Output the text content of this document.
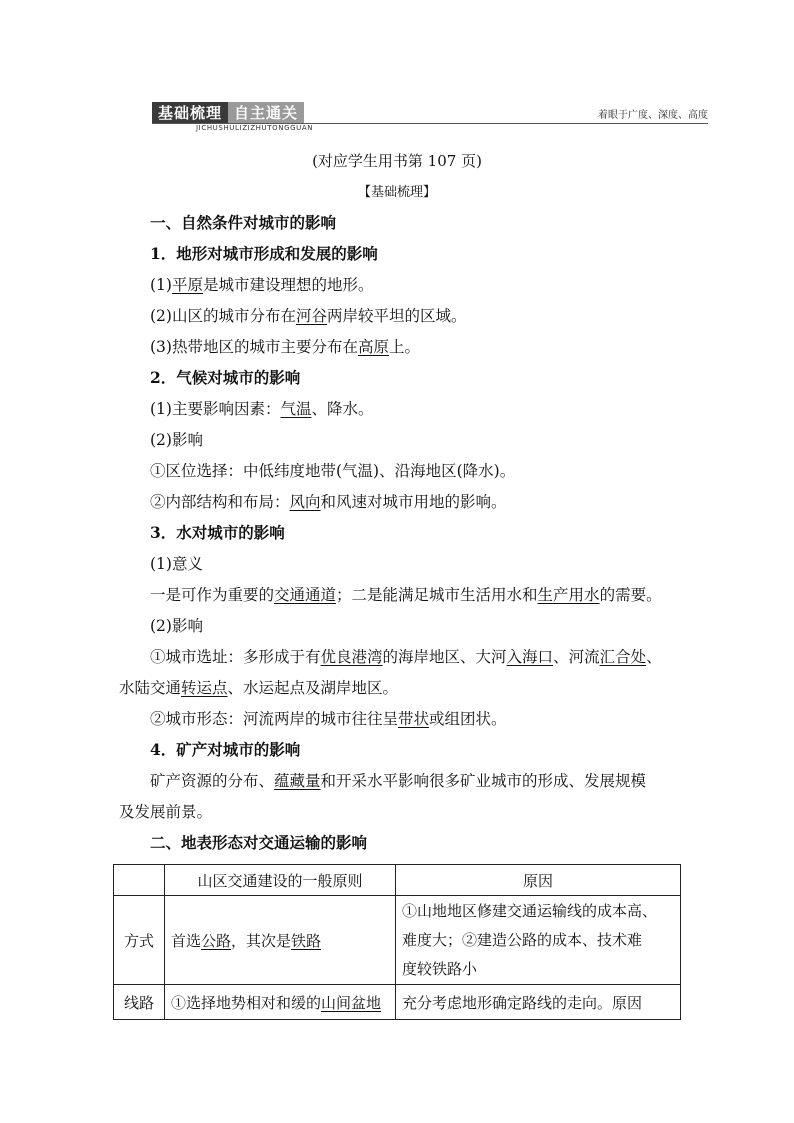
基础梳理 自主通关
JICHUSHULIZIZHUTONGGUAN
着眼于广度、深度、高度
(对应学生用书第 107 页)
【基础梳理】
一、自然条件对城市的影响
1．地形对城市形成和发展的影响
(1)平原是城市建设理想的地形。
(2)山区的城市分布在河谷两岸较平坦的区域。
(3)热带地区的城市主要分布在高原上。
2．气候对城市的影响
(1)主要影响因素：气温、降水。
(2)影响
①区位选择：中低纬度地带(气温)、沿海地区(降水)。
②内部结构和布局：风向和风速对城市用地的影响。
3．水对城市的影响
(1)意义
一是可作为重要的交通通道；二是能满足城市生活用水和生产用水的需要。
(2)影响
①城市选址：多形成于有优良港湾的海岸地区、大河入海口、河流汇合处、
水陆交通转运点、水运起点及湖岸地区。
②城市形态：河流两岸的城市往往呈带状或组团状。
4．矿产对城市的影响
矿产资源的分布、蕴藏量和开采水平影响很多矿业城市的形成、发展规模
及发展前景。
二、地表形态对交通运输的影响
	山区交通建设的一般原则	原因
方式	首选公路，其次是铁路	①山地地区修建交通运输线的成本高、
难度大；②建造公路的成本、技术难
度较铁路小

线路	①选择地势相对和缓的山间盆地	充分考虑地形确定路线的走向。原因
